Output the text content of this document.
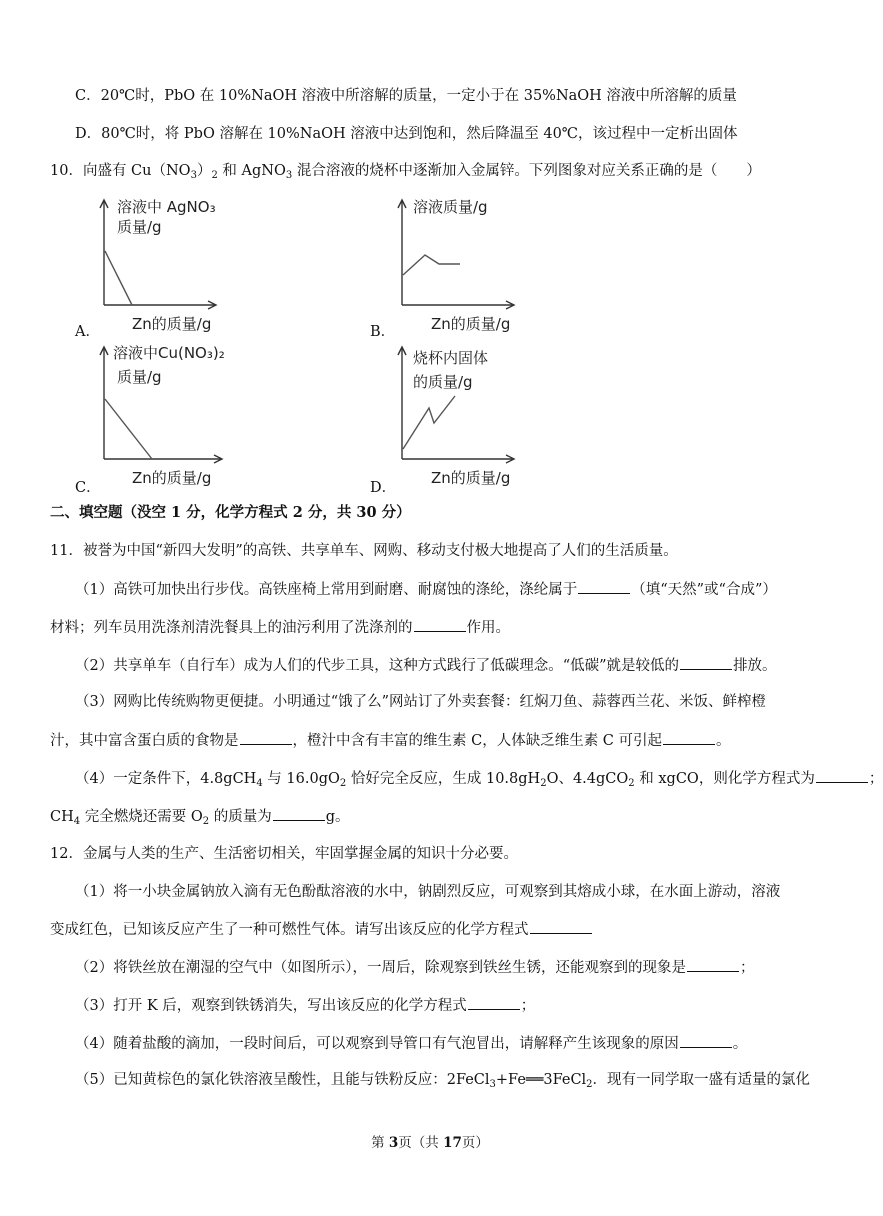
C．20℃时，PbO 在 10%NaOH 溶液中所溶解的质量，一定小于在 35%NaOH 溶液中所溶解的质量
D．80℃时，将 PbO 溶解在 10%NaOH 溶液中达到饱和，然后降温至 40℃，该过程中一定析出固体
10．向盛有 $Cu(NO_3)_2$ 和 AgNO$_3$ 混合溶液的烧杯中逐渐加入金属锌。下列图象对应关系正确的是（　　）
A．
溶液中 AgNO₃
质量/g
Zn的质量/g	B．
溶液质量/g
Zn的质量/g
C．
溶液中Cu(NO₃)₂
质量/g
Zn的质量/g
D．
烧杯内固体
的质量/g
Zn的质量/g
二、填空题（没空 1 分，化学方程式 2 分，共 30 分）
11．被誉为中国“新四大发明”的高铁、共享单车、网购、移动支付极大地提高了人们的生活质量。
（1）高铁可加快出行步伐。高铁座椅上常用到耐磨、耐腐蚀的涤纶，涤纶属于	（填“天然”或“合成”）
材料；列车员用洗涤剂清洗餐具上的油污利用了洗涤剂的	作用。
（2）共享单车（自行车）成为人们的代步工具，这种方式践行了低碳理念。“低碳”就是较低的	排放。
（3）网购比传统购物更便捷。小明通过“饿了么”网站订了外卖套餐：红焖刀鱼、蒜蓉西兰花、米饭、鲜榨橙
汁，其中富含蛋白质的食物是	，橙汁中含有丰富的维生素 C，人体缺乏维生素 C 可引起	。
（4）一定条件下，4.8gCH$_4$ 与 $16.0gO_2$ 恰好完全反应，生成 $10.8gH_2O$、4.4gCO$_2$ 和 xgCO，则化学方程式为	；
$CH_4$ 完全燃烧还需要 $O_2$ 的质量为	g。
12．金属与人类的生产、生活密切相关，牢固掌握金属的知识十分必要。
（1）将一小块金属钠放入滴有无色酚酞溶液的水中，钠剧烈反应，可观察到其熔成小球，在水面上游动，溶液
变成红色，已知该反应产生了一种可燃性气体。请写出该反应的化学方程式
（2）将铁丝放在潮湿的空气中（如图所示），一周后，除观察到铁丝生锈，还能观察到的现象是	；
（3）打开 K 后，观察到铁锈消失，写出该反应的化学方程式	；
（4）随着盐酸的滴加，一段时间后，可以观察到导管口有气泡冒出，请解释产生该现象的原因	。
（5）已知黄棕色的氯化铁溶液呈酸性，且能与铁粉反应：2FeCl$_3$+Fe══3FeCl$_2$．现有一同学取一盛有适量的氯化
第 3页（共 17页）
